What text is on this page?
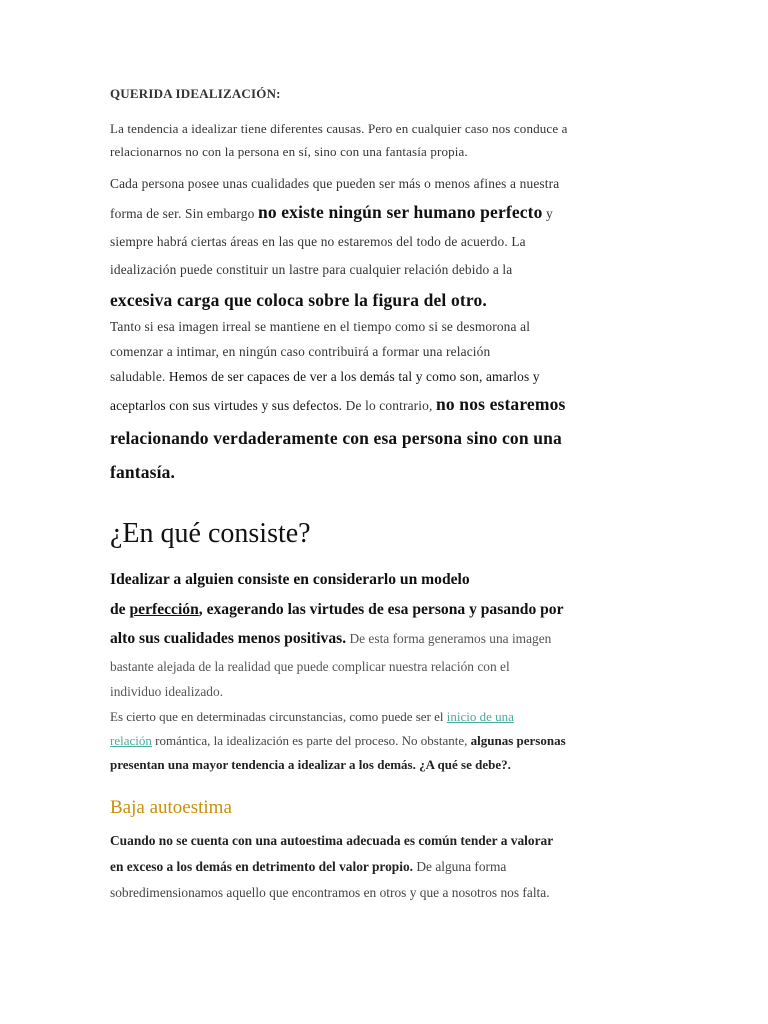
QUERIDA IDEALIZACIÓN:
La tendencia a idealizar tiene diferentes causas. Pero en cualquier caso nos conduce a
relacionarnos no con la persona en sí, sino con una fantasía propia.
Cada persona posee unas cualidades que pueden ser más o menos afines a nuestra
forma de ser. Sin embargo no existe ningún ser humano perfecto y
siempre habrá ciertas áreas en las que no estaremos del todo de acuerdo. La
idealización puede constituir un lastre para cualquier relación debido a la
excesiva carga que coloca sobre la figura del otro.
Tanto si esa imagen irreal se mantiene en el tiempo como si se desmorona al
comenzar a intimar, en ningún caso contribuirá a formar una relación
saludable. Hemos de ser capaces de ver a los demás tal y como son, amarlos y
aceptarlos con sus virtudes y sus defectos. De lo contrario, no nos estaremos
relacionando verdaderamente con esa persona sino con una
fantasía.
¿En qué consiste?
Idealizar a alguien consiste en considerarlo un modelo
de perfección, exagerando las virtudes de esa persona y pasando por
alto sus cualidades menos positivas. De esta forma generamos una imagen
bastante alejada de la realidad que puede complicar nuestra relación con el
individuo idealizado.
Es cierto que en determinadas circunstancias, como puede ser el inicio de una
relación romántica, la idealización es parte del proceso. No obstante, algunas personas
presentan una mayor tendencia a idealizar a los demás. ¿A qué se debe?.
Baja autoestima
Cuando no se cuenta con una autoestima adecuada es común tender a valorar
en exceso a los demás en detrimento del valor propio. De alguna forma
sobredimensionamos aquello que encontramos en otros y que a nosotros nos falta.
